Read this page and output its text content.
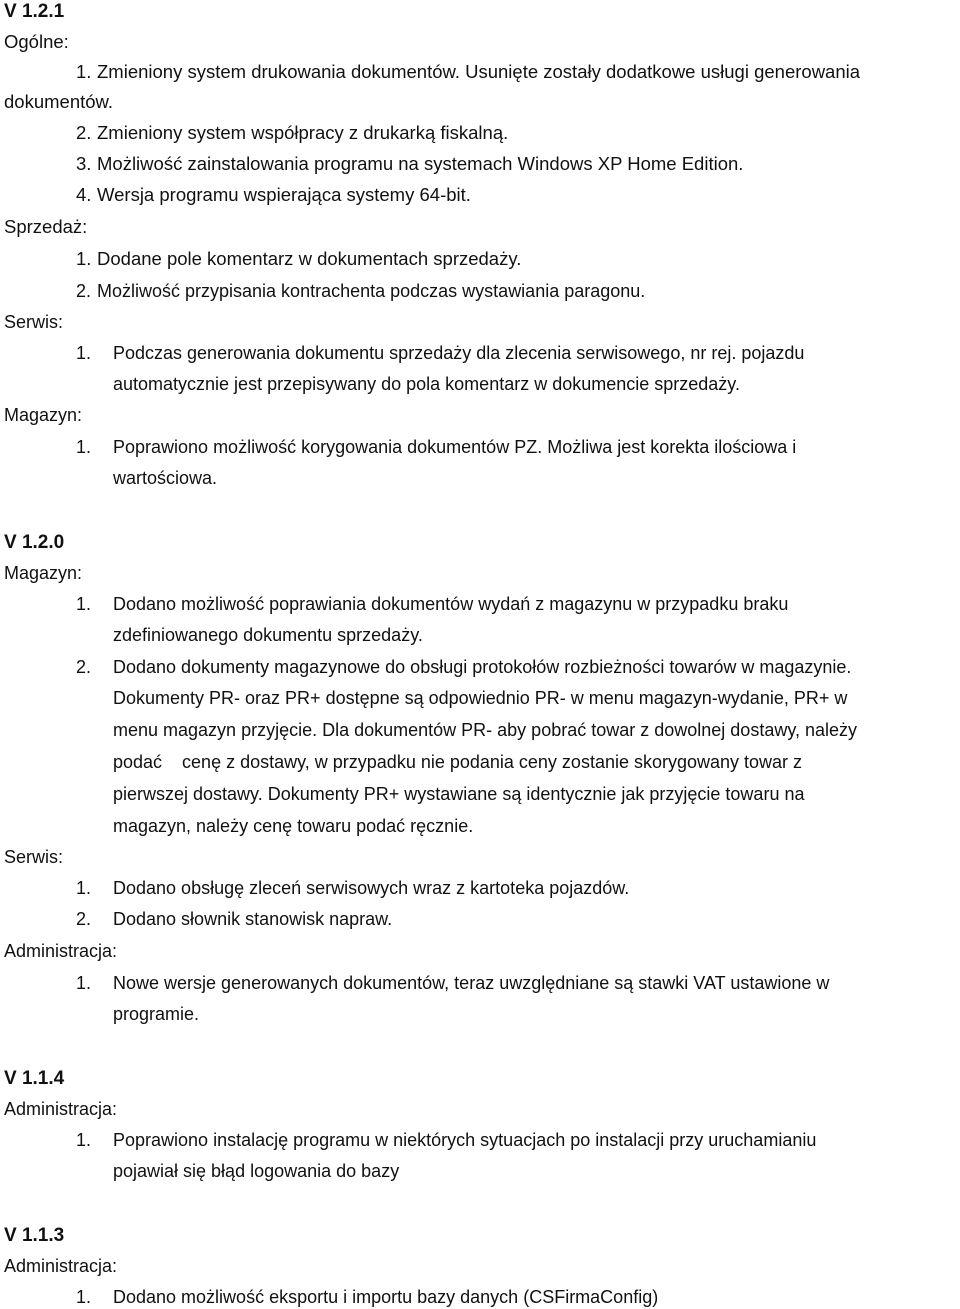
V 1.2.1
Ogólne:
1. Zmieniony system drukowania dokumentów. Usunięte zostały dodatkowe usługi generowania
dokumentów.
2. Zmieniony system współpracy z drukarką fiskalną.
3. Możliwość zainstalowania programu na systemach Windows XP Home Edition.
4. Wersja programu wspierająca systemy 64-bit.
Sprzedaż:
1. Dodane pole komentarz w dokumentach sprzedaży.
2. Możliwość przypisania kontrachenta podczas wystawiania paragonu.
Serwis:
1. Podczas generowania dokumentu sprzedaży dla zlecenia serwisowego, nr rej. pojazdu
automatycznie jest przepisywany do pola komentarz w dokumencie sprzedaży.
Magazyn:
1. Poprawiono możliwość korygowania dokumentów PZ. Możliwa jest korekta ilościowa i
wartościowa.
V 1.2.0
Magazyn:
1. Dodano możliwość poprawiania dokumentów wydań z magazynu w przypadku braku
zdefiniowanego dokumentu sprzedaży.
2. Dodano dokumenty magazynowe do obsługi protokołów rozbieżności towarów w magazynie.
Dokumenty PR- oraz PR+ dostępne są odpowiednio PR- w menu magazyn-wydanie, PR+ w
menu magazyn przyjęcie. Dla dokumentów PR- aby pobrać towar z dowolnej dostawy, należy
podać    cenę z dostawy, w przypadku nie podania ceny zostanie skorygowany towar z
pierwszej dostawy. Dokumenty PR+ wystawiane są identycznie jak przyjęcie towaru na
magazyn, należy cenę towaru podać ręcznie.
Serwis:
1. Dodano obsługę zleceń serwisowych wraz z kartoteka pojazdów.
2. Dodano słownik stanowisk napraw.
Administracja:
1. Nowe wersje generowanych dokumentów, teraz uwzględniane są stawki VAT ustawione w
programie.
V 1.1.4
Administracja:
1. Poprawiono instalację programu w niektórych sytuacjach po instalacji przy uruchamianiu
pojawiał się błąd logowania do bazy
V 1.1.3
Administracja:
1. Dodano możliwość eksportu i importu bazy danych (CSFirmaConfig)
